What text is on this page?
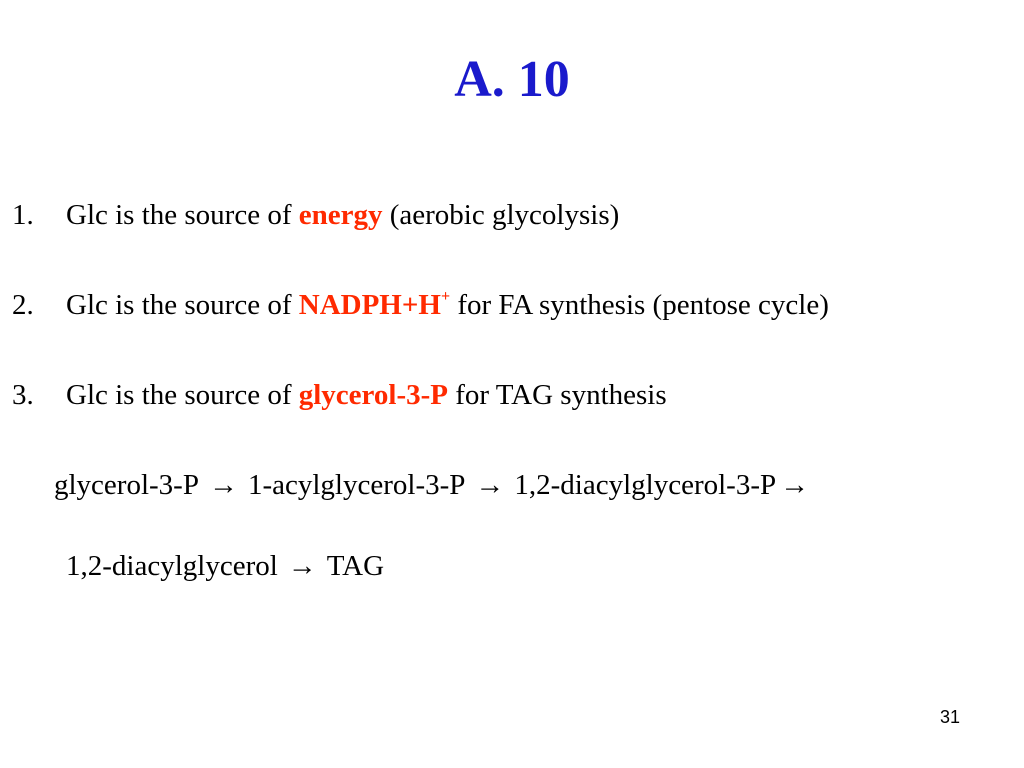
A. 10
1. Glc is the source of energy (aerobic glycolysis)
2. Glc is the source of NADPH+H+ for FA synthesis (pentose cycle)
3. Glc is the source of glycerol-3-P for TAG synthesis
glycerol-3-P → 1-acylglycerol-3-P → 1,2-diacylglycerol-3-P →
1,2-diacylglycerol → TAG
31
